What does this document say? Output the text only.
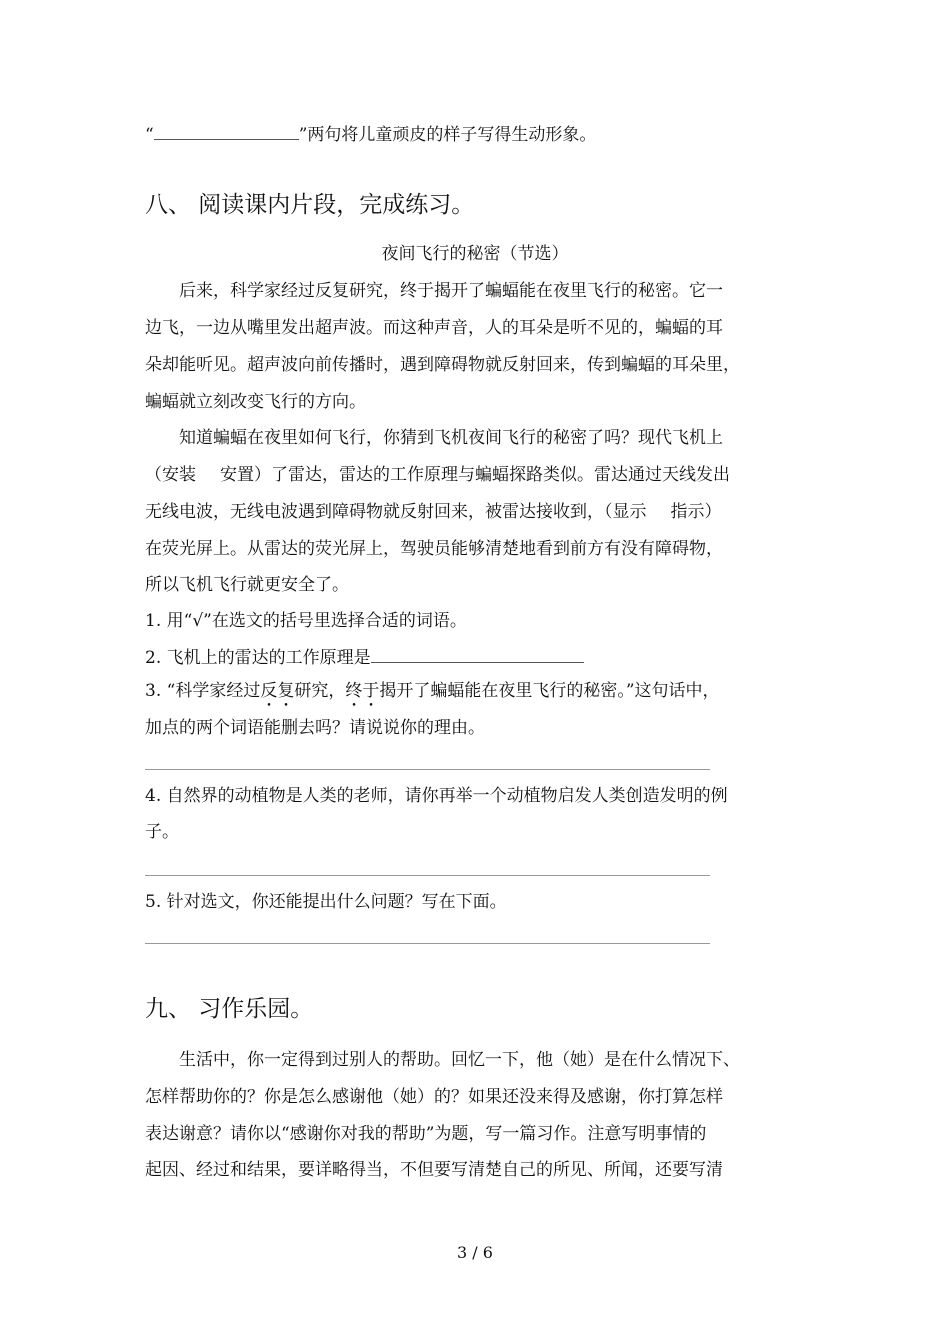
“	”两句将儿童顽皮的样子写得生动形象。
八、 阅读课内片段，完成练习。
夜间飞行的秘密（节选）
后来，科学家经过反复研究，终于揭开了蝙蝠能在夜里飞行的秘密。它一
边飞，一边从嘴里发出超声波。而这种声音，人的耳朵是听不见的，蝙蝠的耳
朵却能听见。超声波向前传播时，遇到障碍物就反射回来，传到蝙蝠的耳朵里，
蝙蝠就立刻改变飞行的方向。
知道蝙蝠在夜里如何飞行，你猜到飞机夜间飞行的秘密了吗？现代飞机上
（安装 安置）了雷达，雷达的工作原理与蝙蝠探路类似。雷达通过天线发出
无线电波，无线电波遇到障碍物就反射回来，被雷达接收到，（显示 指示）
在荧光屏上。从雷达的荧光屏上，驾驶员能够清楚地看到前方有没有障碍物，
所以飞机飞行就更安全了。
1. 用“√”在选文的括号里选择合适的词语。
2. 飞机上的雷达的工作原理是
3. “科学家经过反复研究，终于揭开了蝙蝠能在夜里飞行的秘密。”这句话中，
加点的两个词语能删去吗？请说说你的理由。
4. 自然界的动植物是人类的老师，请你再举一个动植物启发人类创造发明的例
子。
5. 针对选文，你还能提出什么问题？写在下面。
九、 习作乐园。
生活中，你一定得到过别人的帮助。回忆一下，他（她）是在什么情况下、
怎样帮助你的？你是怎么感谢他（她）的？如果还没来得及感谢，你打算怎样
表达谢意？请你以“感谢你对我的帮助”为题，写一篇习作。注意写明事情的
起因、经过和结果，要详略得当，不但要写清楚自己的所见、所闻，还要写清
3 / 6
